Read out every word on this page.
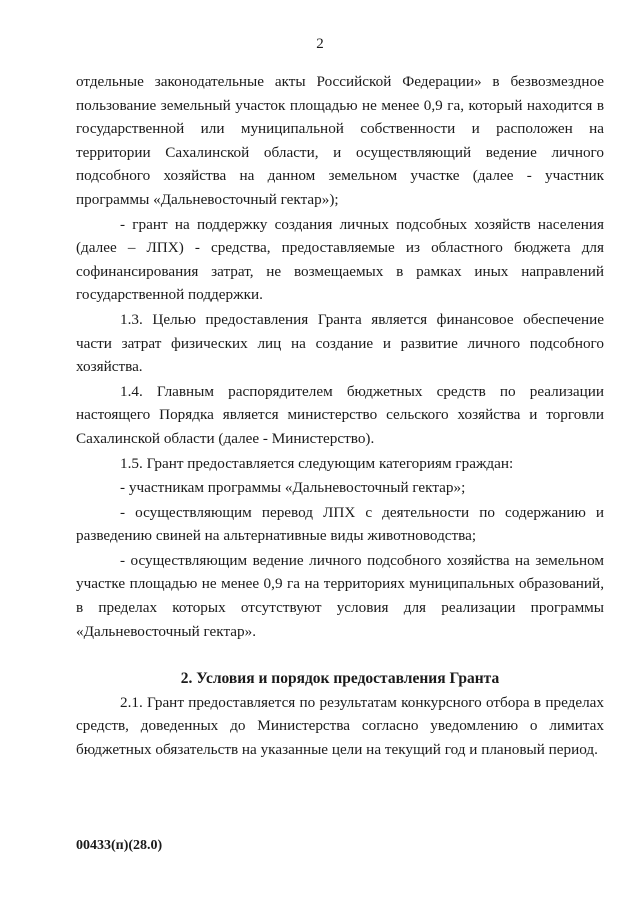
2

отдельные законодательные акты Российской Федерации» в безвозмездное пользование земельный участок площадью не менее 0,9 га, который находится в государственной или муниципальной собственности и расположен на территории Сахалинской области, и осуществляющий ведение личного подсобного хозяйства на данном земельном участке (далее - участник программы «Дальневосточный гектар»);

- грант на поддержку создания личных подсобных хозяйств населения (далее – ЛПХ) - средства, предоставляемые из областного бюджета для софинансирования затрат, не возмещаемых в рамках иных направлений государственной поддержки.

1.3. Целью предоставления Гранта является финансовое обеспечение части затрат физических лиц на создание и развитие личного подсобного хозяйства.

1.4. Главным распорядителем бюджетных средств по реализации настоящего Порядка является министерство сельского хозяйства и торговли Сахалинской области (далее - Министерство).

1.5. Грант предоставляется следующим категориям граждан:

- участникам программы «Дальневосточный гектар»;

- осуществляющим перевод ЛПХ с деятельности по содержанию и разведению свиней на альтернативные виды животноводства;

- осуществляющим ведение личного подсобного хозяйства на земельном участке площадью не менее 0,9 га на территориях муниципальных образований, в пределах которых отсутствуют условия для реализации программы «Дальневосточный гектар».

2. Условия и порядок предоставления Гранта

2.1. Грант предоставляется по результатам конкурсного отбора в пределах средств, доведенных до Министерства согласно уведомлению о лимитах бюджетных обязательств на указанные цели на текущий год и плановый период.

00433(п)(28.0)
